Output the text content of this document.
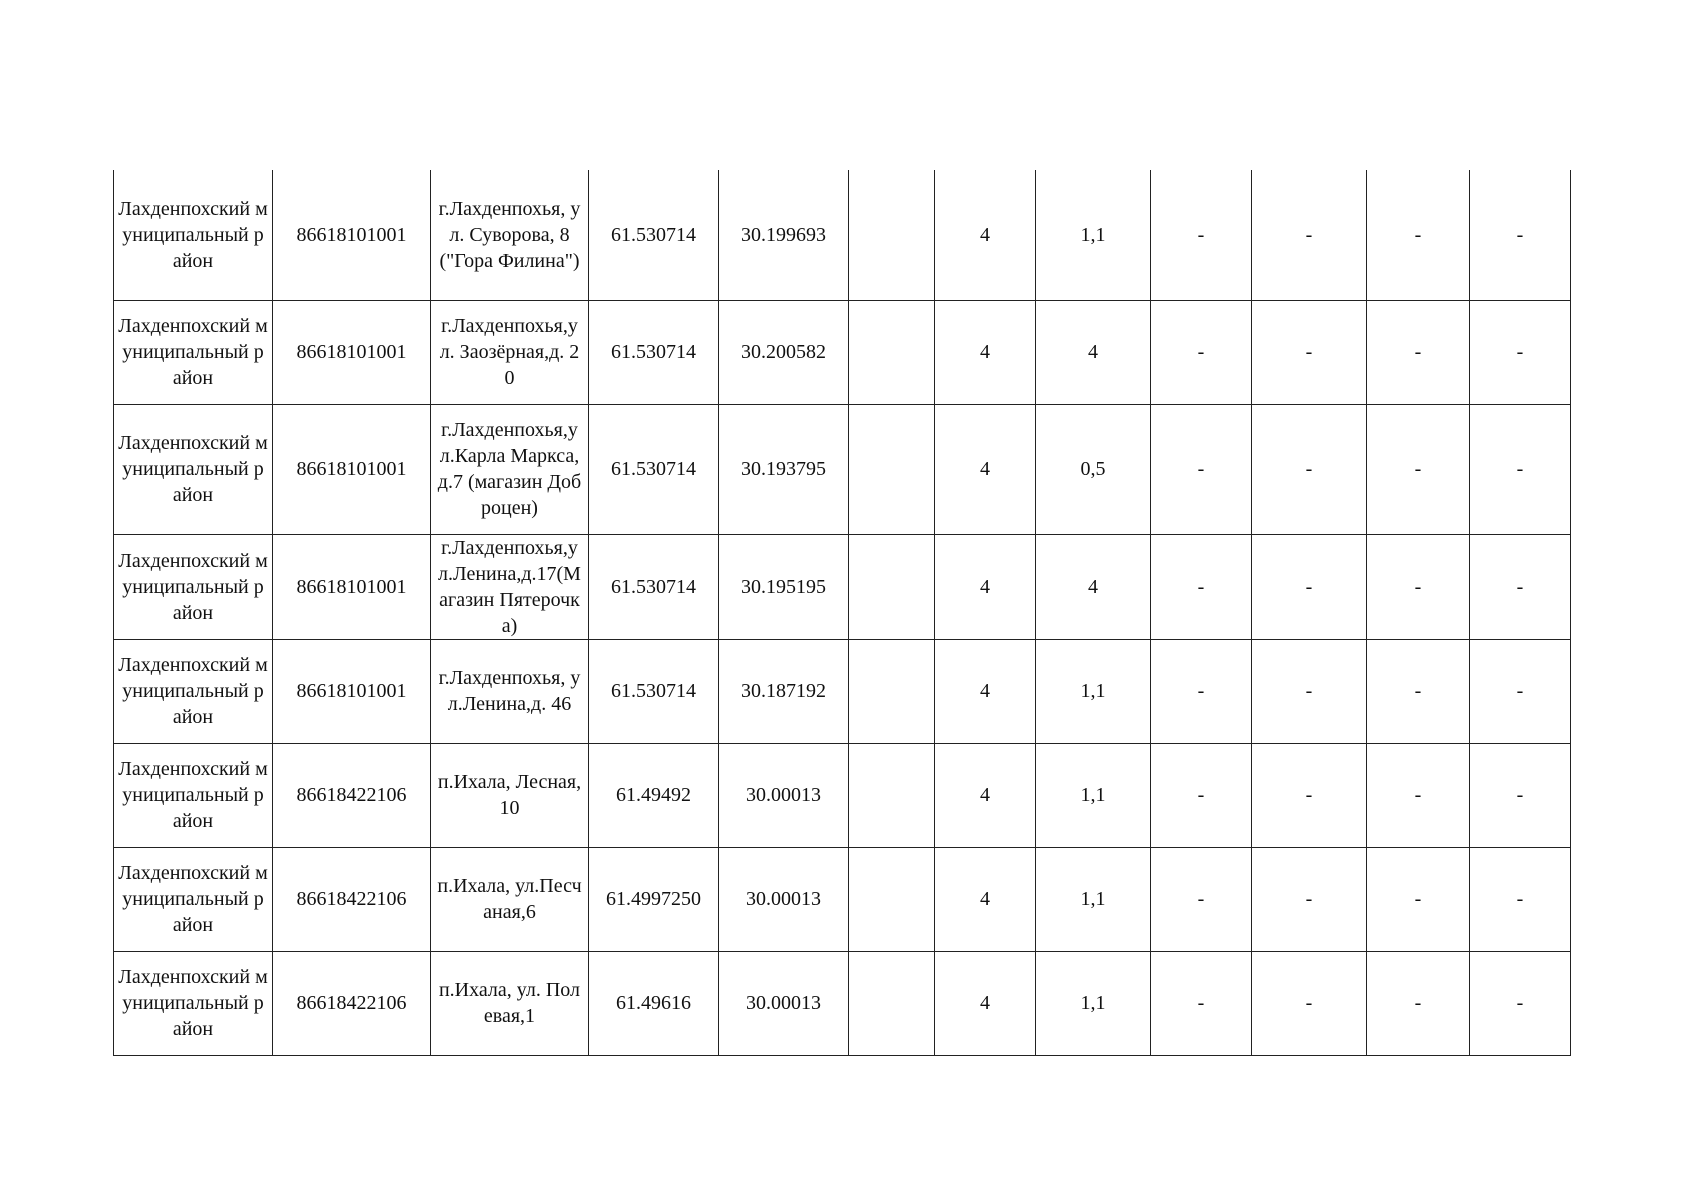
Лахденпохский муниципальный район	86618101001	г.Лахденпохья, ул. Суворова, 8 ("Гора Филина")	61.530714	30.199693		4	1,1	-	-	-	-
Лахденпохский муниципальный район	86618101001	г.Лахденпохья,ул. Заозёрная,д. 20	61.530714	30.200582		4	4	-	-	-	-
Лахденпохский муниципальный район	86618101001	г.Лахденпохья,ул.Карла Маркса, д.7 (магазин Доброцен)	61.530714	30.193795		4	0,5	-	-	-	-
Лахденпохский муниципальный район	86618101001	г.Лахденпохья,ул.Ленина,д.17(Магазин Пятерочка)	61.530714	30.195195		4	4	-	-	-	-
Лахденпохский муниципальный район	86618101001	г.Лахденпохья, ул.Ленина,д. 46	61.530714	30.187192		4	1,1	-	-	-	-
Лахденпохский муниципальный район	86618422106	п.Ихала, Лесная,10	61.49492	30.00013		4	1,1	-	-	-	-
Лахденпохский муниципальный район	86618422106	п.Ихала, ул.Песчаная,6	61.4997250	30.00013		4	1,1	-	-	-	-
Лахденпохский муниципальный район	86618422106	п.Ихала, ул. Полевая,1	61.49616	30.00013		4	1,1	-	-	-	-
